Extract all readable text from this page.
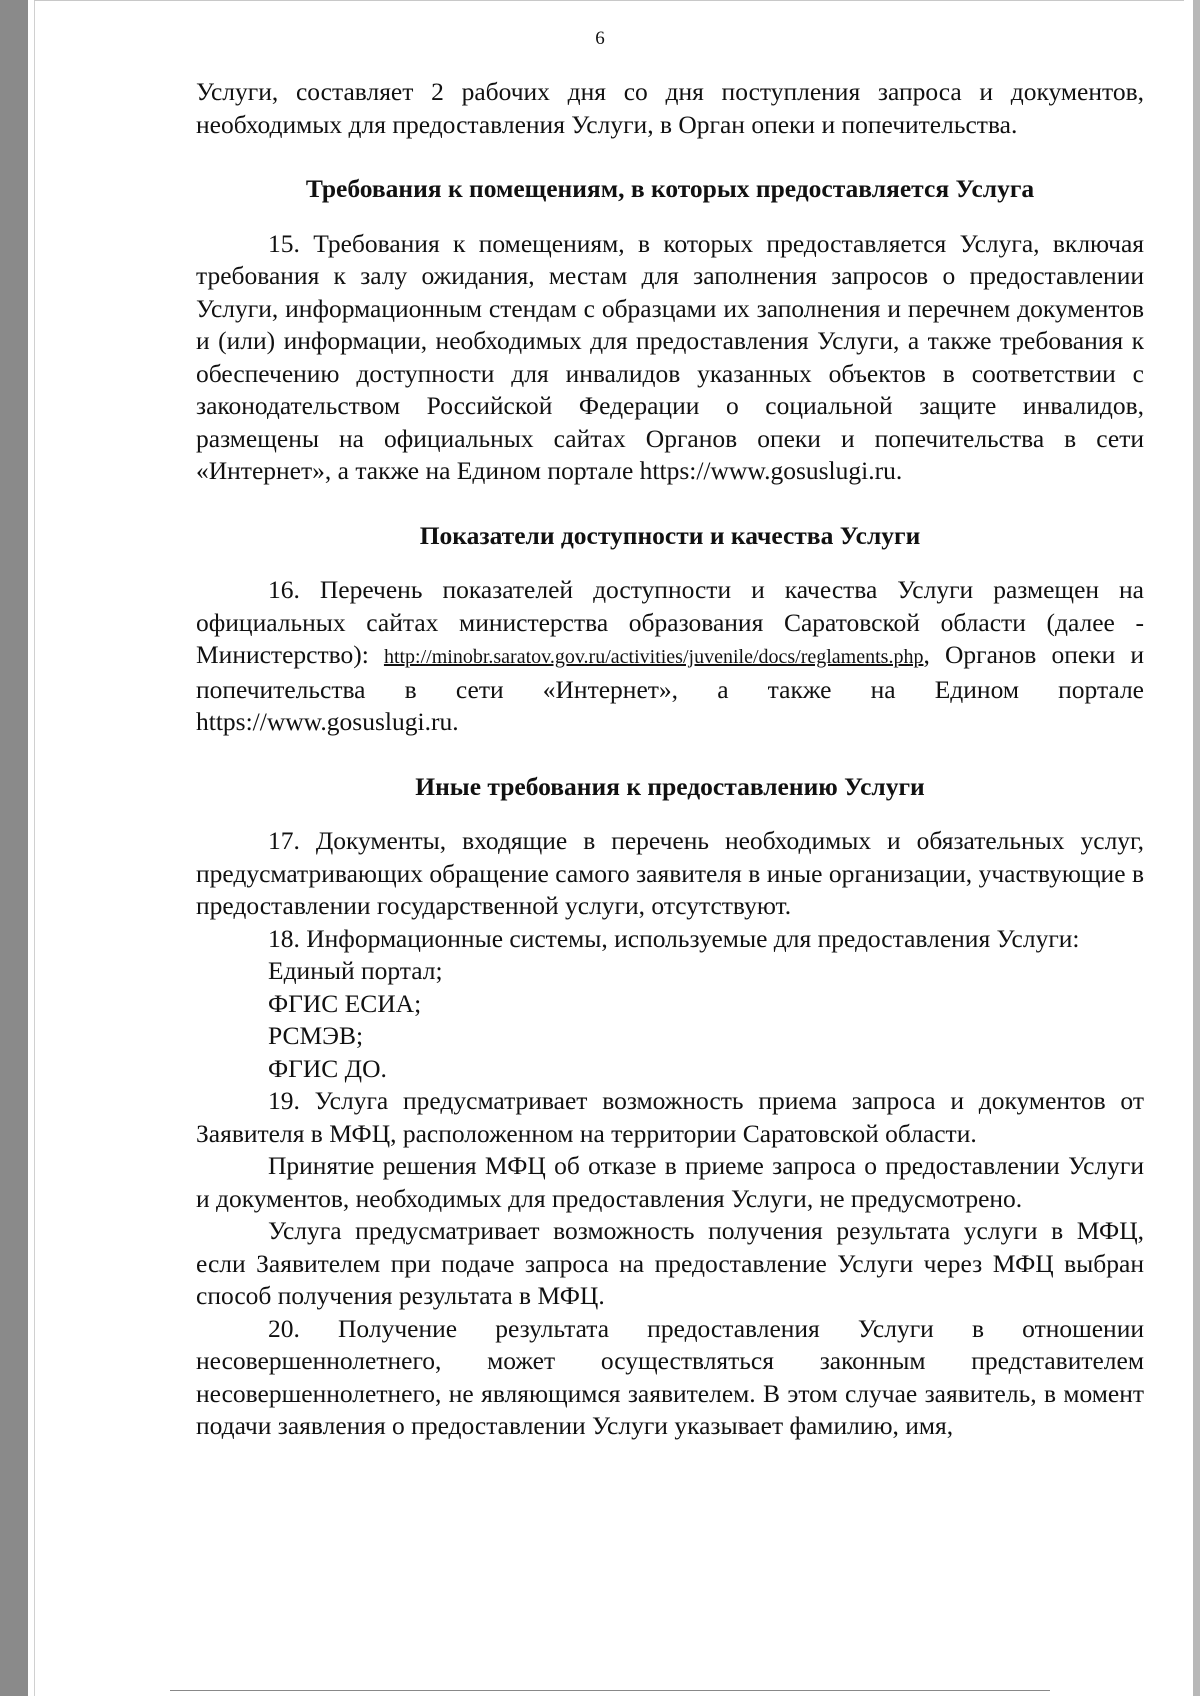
6

Услуги, составляет 2 рабочих дня со дня поступления запроса и документов, необходимых для предоставления Услуги, в Орган опеки и попечительства.

Требования к помещениям, в которых предоставляется Услуга

15. Требования к помещениям, в которых предоставляется Услуга, включая требования к залу ожидания, местам для заполнения запросов о предоставлении Услуги, информационным стендам с образцами их заполнения и перечнем документов и (или) информации, необходимых для предоставления Услуги, а также требования к обеспечению доступности для инвалидов указанных объектов в соответствии с законодательством Российской Федерации о социальной защите инвалидов, размещены на официальных сайтах Органов опеки и попечительства в сети «Интернет», а также на Едином портале https://www.gosuslugi.ru.

Показатели доступности и качества Услуги

16. Перечень показателей доступности и качества Услуги размещен на официальных сайтах министерства образования Саратовской области (далее - Министерство): http://minobr.saratov.gov.ru/activities/juvenile/docs/reglaments.php, Органов опеки и попечительства в сети «Интернет», а также на Едином портале https://www.gosuslugi.ru.

Иные требования к предоставлению Услуги

17. Документы, входящие в перечень необходимых и обязательных услуг, предусматривающих обращение самого заявителя в иные организации, участвующие в предоставлении государственной услуги, отсутствуют.

18. Информационные системы, используемые для предоставления Услуги:

Единый портал;

ФГИС ЕСИА;

РСМЭВ;

ФГИС ДО.

19. Услуга предусматривает возможность приема запроса и документов от Заявителя в МФЦ, расположенном на территории Саратовской области.

Принятие решения МФЦ об отказе в приеме запроса о предоставлении Услуги и документов, необходимых для предоставления Услуги, не предусмотрено.

Услуга предусматривает возможность получения результата услуги в МФЦ, если Заявителем при подаче запроса на предоставление Услуги через МФЦ выбран способ получения результата в МФЦ.

20. Получение результата предоставления Услуги в отношении несовершеннолетнего, может осуществляться законным представителем несовершеннолетнего, не являющимся заявителем. В этом случае заявитель, в момент подачи заявления о предоставлении Услуги указывает фамилию, имя,
